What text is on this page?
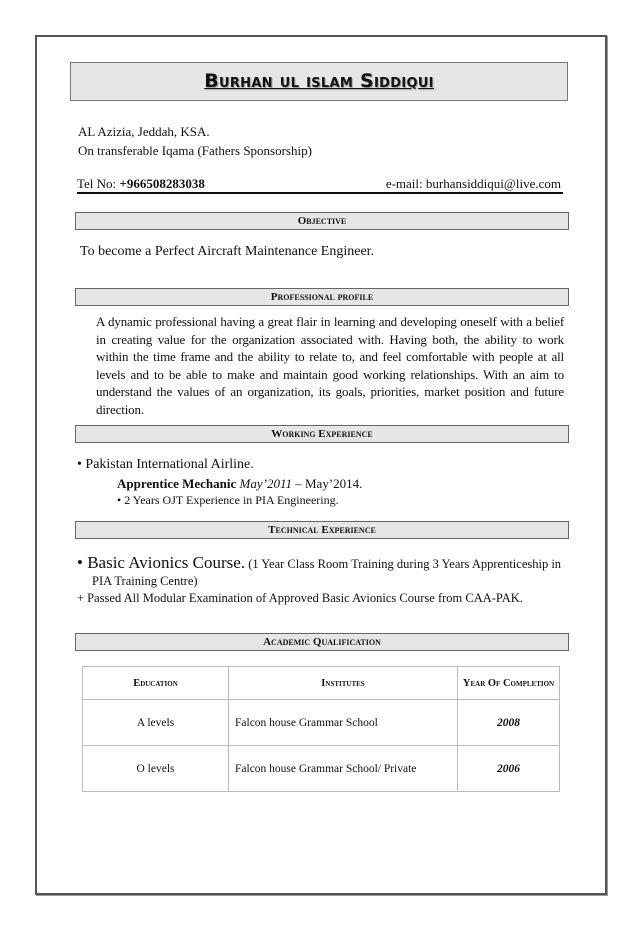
Burhan ul islam Siddiqui
AL Azizia, Jeddah, KSA.
On transferable Iqama (Fathers Sponsorship)
Tel No: +966508283038	e-mail: burhansiddiqui@live.com
Objective
To become a Perfect Aircraft Maintenance Engineer.
Professional profile
A dynamic professional having a great flair in learning and developing oneself with a belief in creating value for the organization associated with. Having both, the ability to work within the time frame and the ability to relate to, and feel comfortable with people at all levels and to be able to make and maintain good working relationships. With an aim to understand the values of an organization, its goals, priorities, market position and future direction.
Working Experience
• Pakistan International Airline.
Apprentice Mechanic May’2011 – May’2014.
• 2 Years OJT Experience in PIA Engineering.
Technical Experience
• Basic Avionics Course. (1 Year Class Room Training during 3 Years Apprenticeship in
PIA Training Centre)
+ Passed All Modular Examination of Approved Basic Avionics Course from CAA-PAK.
Academic Qualification
Education	Institutes	Year Of Completion
A levels	Falcon house Grammar School	2008
O levels	Falcon house Grammar School/ Private	2006
